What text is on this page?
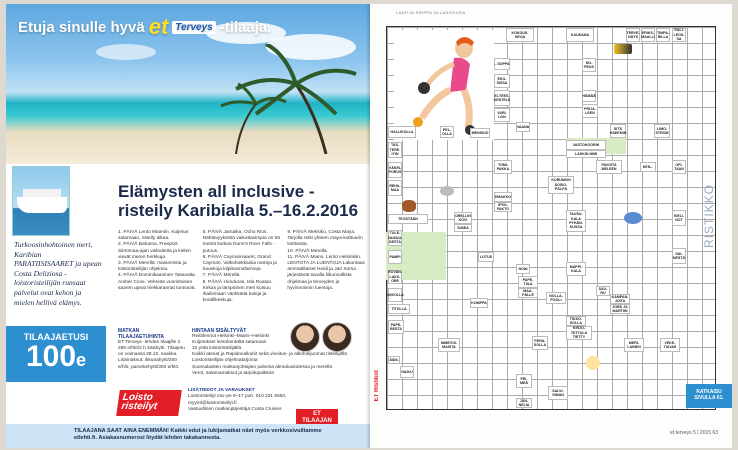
Etuja sinulle hyvä et Terveys -tilaaja.
Turkoosinhohtoinen meri, Karibian PARATIISISAARET ja upean Costa Deliziosa -loistoristeilijän runsaat palvelut ovat kehon ja mielen hellivä elämys.
TILAAJAETUSI
100e
Elämysten all inclusive -risteily Karibialla 5.–16.2.2016

1. PÄIVÄ Lento Miamiin. Kuljetus satamaan, risteily alkaa.

2. PÄIVÄ Bahama, Freeport. Siirtomaa-ajan vaikutteita ja kielen vievät meren herkkuja.

3. PÄIVÄ Merellä: maisemista ja loistoristeilijän ohjelmia.

4. PÄIVÄ Dominikaaninen Tasavalta. Amber Cove. Vehreän vuoristoisen saaren upeat hiekkarannat tunnuvat.

5. PÄIVÄ Jamaika, Ocho Rios. Nähtävyyksistä vaikuttavimpia on 55 metriä korkea Dunn's River Falls -putous.

6. PÄIVÄ Caymansaaret, Grand Cayman. Valkohiekkaisia rantoja ja hauskoja kilpikonnafarmeja.

7. PÄIVÄ Merellä.

8. PÄIVÄ Honduras, Isla Roatan. Kirkas ja lämpöinen meri kutsuu ihailemaan värikkäitä kaloja ja korallikeskuja.

9. PÄIVÄ Meksiko, Costa Maya. Tarjolla retki yhteen maya-kulttuurin kohteista.

10. PÄIVÄ Merellä.

11. PÄIVÄ Miami. Lento Helsinkiin.

LENTOTA JA LUENTOJA Lükuntaan ammattilaiset Heidi ja Jari Sorsa järjestävät tavalla liikunnallista ohjelmaa ja terveyden ja hyvinvoinnin luentoja.

MATKAN TILAAJAETUHINTA
ET Terveys -lehden tilaajille 2 295 e/hlö/2 h sisähytti. Tilaajetu on voimassa 28.10. saakka. Lisämaksut: ikkunahytti/200 e/hlö, parvekehytti/300 e/hlö.
HINTAAN SISÄLTYVÄT
Reittilennot Helsinki–Miami–Helsinki
Kuljetukset lentokentältä satamaan
10 yötä loistoristeilijällä
Kaikki ateriat ja Rapidovalkuhit sekä vivoitus- ja alkoholijuomat risteilijällä
Loistoristeilijän ohjelmatarjonta
Suomalaisten matkanjohtajien palvelut alenaluokotessa ja merellä
Verot, satamamaksut ja tarjoilupalkkiot
Loisto risteilyt
LISÄTIEDOT JA VARAUKSET
Loistoristeilyt ma–pe 9–17 puh. 010 231 6550,
myynti@loistoristeilyt.fi
Vastuullinen matkanjärjestäjä Costa Cruises
ET
TILAAJAN
TILAAJANA SAAT AINA ENEMMÄN! Kaikki edut ja lukijamatkat näet myös verkkosivuiltamme etlehti.fi. Asiakasnumerosi löydät lehden takakannesta.
LAATIJA SIRPPA OLLANGOURA
KOKOUS-SEIJA
KAUKANA
TERVE-HÄYS
ERIKS-MAALLI
TIMPA-RILLA
GALI-LEOS-SA
...SOPPA
EKO-SISSA
EI-TEES-KENTELE
NO-PEUS
HÄMÄÄ
PRIJA-LEEN
VARI-LON
VAANA	SITÄ HAEEMIN
LIMO-STROM
HALLIKOLLA
PEL-OLLA	MENSKIO
VASTOKOORIN
LAKKIN NIMI
TAS-TERE-IYIN
TOMI-PAKKA
PAVOITA MELEEN
KEN...
OPI-TAAN
VÄKIN-PORUS
KORUNKIN SOSIO-PÄLPÄ
REHA-MAA
EMAKKO
IPSO-FAKTO
TEOSTÄÄN
ORELLIN KÖVI
SUMIA
TAUSU-KALA PYHÄN-KUSSA
KIELI-NOT
TULE-VAISUU-DESTA
PAMPI	LOTUS
MAPPI-KALA
SAI-NESTÄ
ROVAN-LAKS-ORE
NOIN
PAPE-TIILA
MAA-PÄLLE
NOKOLLA
KOMPPA
SAU-RU
NOLLA-POOLI
KAMPAN-JOITA
JOBS JA MARTIIN
TITOLLA
TIKKO-SOLLA
KIRJO-TETTULA TIETTY
PAPE-RESTA
NIMEVOI-MAISTA
PERA-SOLLA
MERI-LAINEN
VEKE-TAIVAS
ÄIDIL
PEI-MEÄ
SALVI-SIMAN
JÄN-NELIA
HAIKU
RISTIKKO
ET Ristikot	RATKAISU SIVULLA 61.
et terveys 5 | 2015 63
